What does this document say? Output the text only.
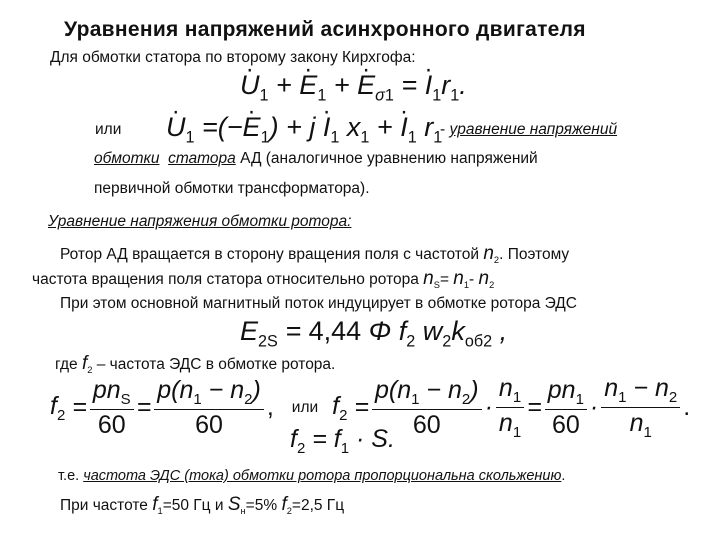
Уравнения напряжений асинхронного двигателя
Для обмотки статора по второму закону Кирхгофа:
· $U_1$ + · $E_1$ + · $E_{\sigma 1}$ = · $I_1r_1$.
или · $U_1$ =(−· $E_1) + j \cdot I_1$ $x_1$ + · $I_1$ $r_1$
- уравнение напряжений
обмотки статора АД (аналогичное уравнению напряжений
первичной обмотки трансформатора).
Уравнение напряжения обмотки ротора:
Ротор АД вращается в сторону вращения поля с частотой $n_2$. Поэтому
частота вращения поля статора относительно ротора $n_S= n_1-$ $n_2$
При этом основной магнитный поток индуцирует в обмотке ротора ЭДС
$E_{2S} = 4,44$ Φ $f_2$ $w_2k_{об2}$ ,
где $f_2$ – частота ЭДС в обмотке ротора.
$f_2 = \frac{pn_S}{60} = \frac{p(n_1 - n_2)}{60}$ , или $f_2 = \frac{p(n_1 - n_2)}{60} \cdot \frac{n_1}{n_1} = \frac{pn_1}{60} \cdot \frac{n_1 - n_2}{n_1}$ .
$f_2 = f_1 \cdot S$.
т.е. частота ЭДС (тока) обмотки ротора пропорциональна скольжению.
При частоте $f_1=50$ Гц и $S_н=5\%$ $f_2=2,5$ Гц
